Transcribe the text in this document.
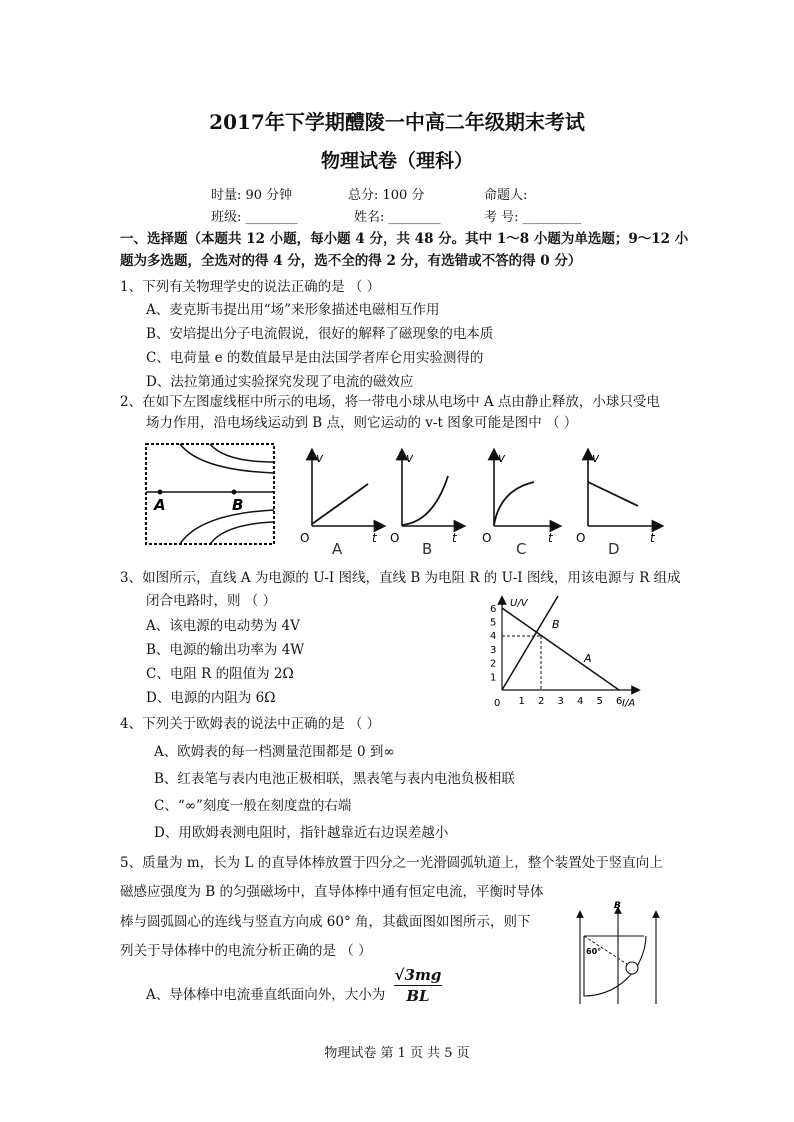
2017年下学期醴陵一中高二年级期末考试
物理试卷（理科）
时量: 90 分钟	总分: 100 分	命题人:
班级: ________	姓名: ________	考 号: _________
一、选择题（本题共 12 小题，每小题 4 分，共 48 分。其中 1～8 小题为单选题；9～12 小
题为多选题，全选对的得 4 分，选不全的得 2 分，有选错或不答的得 0 分）
1、下列有关物理学史的说法正确的是 （ ）
A、麦克斯韦提出用“场”来形象描述电磁相互作用
B、安培提出分子电流假说，很好的解释了磁现象的电本质
C、电荷量 e 的数值最早是由法国学者库仑用实验测得的
D、法拉第通过实验探究发现了电流的磁效应
2、在如下左图虚线框中所示的电场，将一带电小球从电场中 A 点由静止释放，小球只受电
场力作用，沿电场线运动到 B 点，则它运动的 v-t 图象可能是图中 （ ）
A	B
v
t
O
A
v
t
O
B
v
t
O
C
v
t
O
D
3、如图所示，直线 A 为电源的 U-I 图线，直线 B 为电阻 R 的 U-I 图线，用该电源与 R 组成
闭合电路时，则 （ ）
A、该电源的电动势为 4V
B、电源的输出功率为 4W
C、电阻 R 的阻值为 2Ω
D、电源的内阻为 6Ω
U/V
I/A
0
1
2
3
4
5
6
1 2 3 4 5 6
B
A
4、下列关于欧姆表的说法中正确的是 （ ）
A、欧姆表的每一档测量范围都是 0 到∞
B、红表笔与表内电池正极相联，黑表笔与表内电池负极相联
C、“∞”刻度一般在刻度盘的右端
D、用欧姆表测电阻时，指针越靠近右边误差越小
5、质量为 m，长为 L 的直导体棒放置于四分之一光滑圆弧轨道上，整个装置处于竖直向上
磁感应强度为 B 的匀强磁场中，直导体棒中通有恒定电流，平衡时导体
棒与圆弧圆心的连线与竖直方向成 60° 角，其截面图如图所示，则下
列关于导体棒中的电流分析正确的是 （ ）
A、导体棒中电流垂直纸面向外，大小为 $\frac{√3mg}{BL}$
B
60°
物理试卷 第 1 页 共 5 页
